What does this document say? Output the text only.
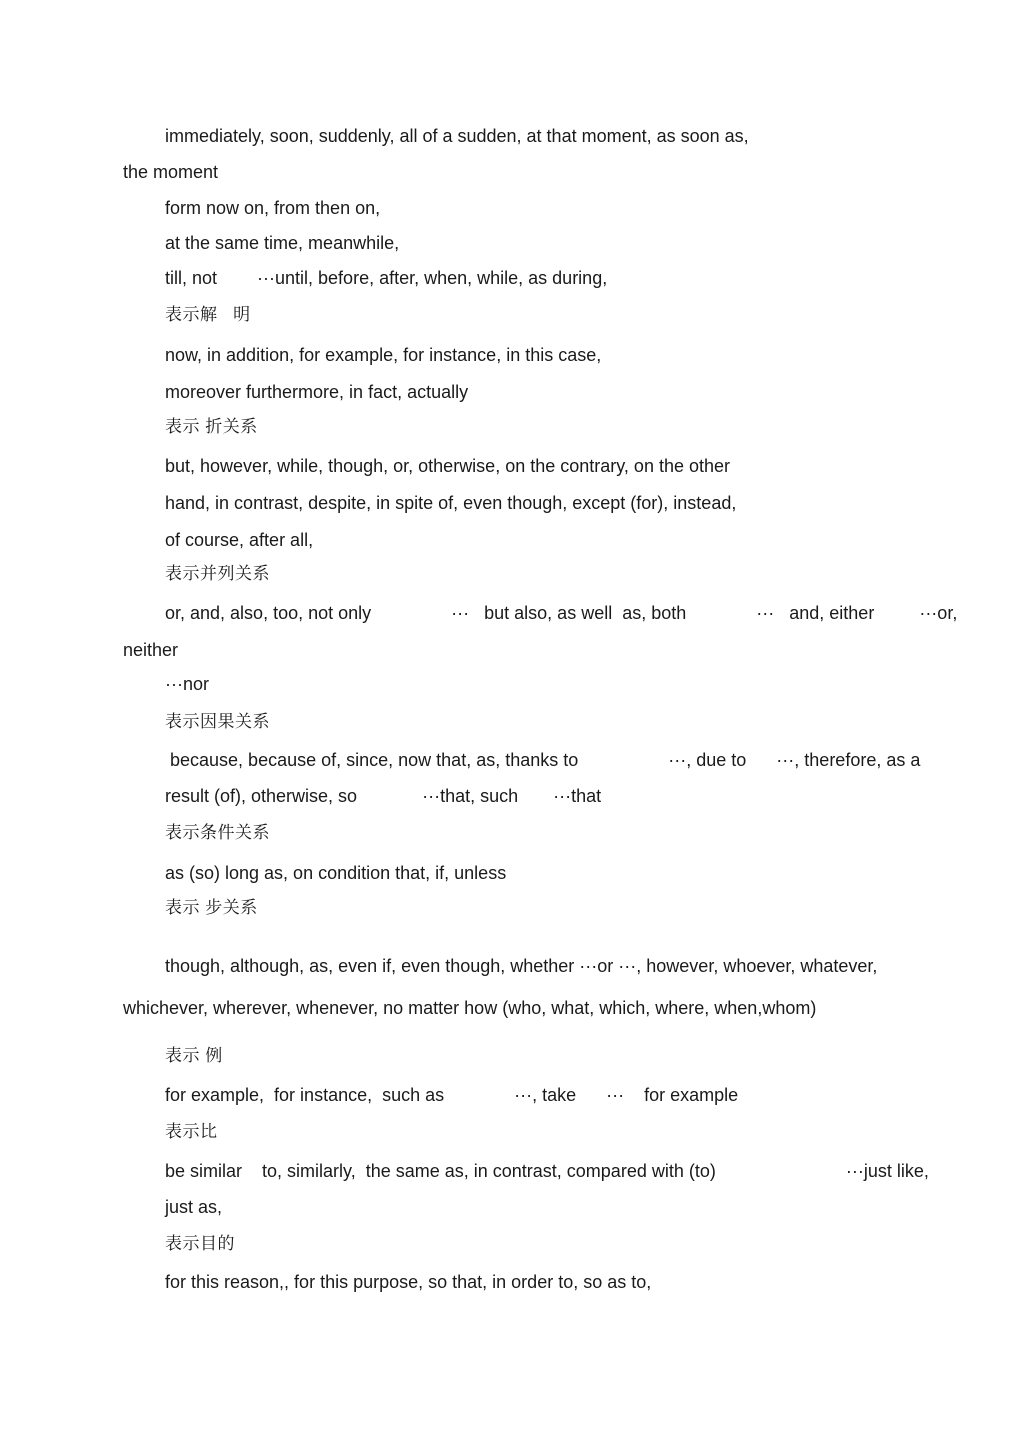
immediately, soon, suddenly, all of a sudden, at that moment, as soon as,
the moment
form now on, from then on,
at the same time, meanwhile,
till, not        ···until, before, after, when, while, as during,
表示解   明
now, in addition, for example, for instance, in this case,
moreover furthermore, in fact, actually
表示 折关系
but, however, while, though, or, otherwise, on the contrary, on the other
hand, in contrast, despite, in spite of, even though, except (for), instead,
of course, after all,
表示并列关系
or, and, also, too, not only                ···   but also, as well  as, both              ···   and, either         ···or,
neither
···nor
表示因果关系
because, because of, since, now that, as, thanks to                  ···, due to      ···, therefore, as a
result (of), otherwise, so             ···that, such       ···that
表示条件关系
as (so) long as, on condition that, if, unless
表示 步关系
though, although, as, even if, even though, whether ···or ···, however, whoever, whatever,
whichever, wherever, whenever, no matter how (who, what, which, where, when,whom)
表示 例
for example,  for instance,  such as              ···, take      ···    for example
表示比
be similar    to, similarly,  the same as, in contrast, compared with (to)                          ···just like,
just as,
表示目的
for this reason,, for this purpose, so that, in order to, so as to,
